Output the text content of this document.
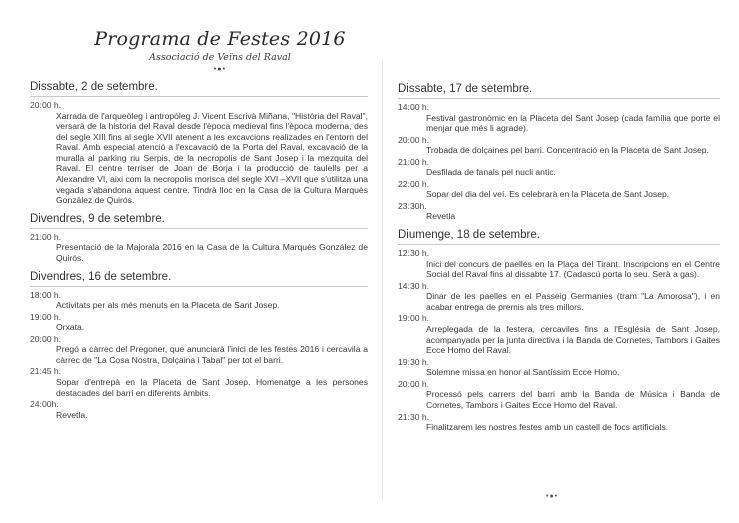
Programa de Festes 2016
Associació de Veïns del Raval
•●•
Dissabte, 2 de setembre.
20:00 h.
Xarrada de l'arqueòleg i antropòleg J. Vicent Escrivà Miñana, "Història del Raval", versarà de la historia del Raval desde l'època medieval fins l'època moderna, des del segle XIII fins al segle XVII atenent a les excavcions realizades en l'entorn del Raval. Amb especial atenció a l'excavació de la Porta del Raval, excavació de la muralla al parking riu Serpis, de la necropolis de Sant Josep i la mezquita del Raval. El centre terriser de Joan de Borja i la producció de taulells per a Alexandre VI, aixi com la necropolis morisca del segle XVI –XVII que s'utilitza una vegada s'abandona aquest centre. Tindrà lloc en la Casa de la Cultura Marquès González de Quirós.
Divendres, 9 de setembre.
21:00 h.
Presentació de la Majorala 2016 en la Casa de la Cultura Marquès González de Quirós.
Divendres, 16 de setembre.
18:00 h.
Activitats per als més menuts en la Placeta de Sant Josep.
19:00 h.
Orxata.
20:00 h.
Pregó a càrrec del Pregoner, que anunciarà l'inici de les festes 2016 i cercavila a càrrec de "La Cosa Nostra, Dolçaina i Tabal" per tot el barri.
21:45 h.
Sopar d'entrepà en la Placeta de Sant Josep. Homenatge a les persones destacades del barri en diferents àmbits.
24:00h.
Revetla.
Dissabte, 17 de setembre.
14:00 h.
Festival gastronòmic en la Placeta del Sant Josep (cada família que porte el menjar que més li agrade).
20:00 h.
Trobada de dolçaines pel barri. Concentració en la Placeta de Sant Josep.
21:00 h.
Desfilada de fanals pel nucli antic.
22:00 h.
Sopar del dia del veí. Es celebrarà en la Placeta de Sant Josep.
23:30h.
Revetla
Diumenge, 18 de setembre.
12:30 h.
Inici del concurs de paelles en la Plaça del Tirant. Inscripcions en el Centre Social del Raval fins al dissabte 17. (Cadascú porta lo seu. Serà a gas).
14:30 h.
Dinar de les paelles en el Passeig Germanies (tram "La Amorosa"), i en acabar entrega de premis als tres millors.
19:00 h.
Arreplegada de la festera, cercaviles fins a l'Església de Sant Josep, acompanyada per la junta directiva i la Banda de Cornetes, Tambors i Gaites Ecce Homo del Raval.
19:30 h.
Solemne missa en honor al Santíssim Ecce Homo.
20:00 h.
Processó pels carrers del barri amb la Banda de Música i Banda de Cornetes, Tambors i Gaites Ecce Homo del Raval.
21:30 h.
Finalitzarem les nostres festes amb un castell de focs artificials.
•●•
